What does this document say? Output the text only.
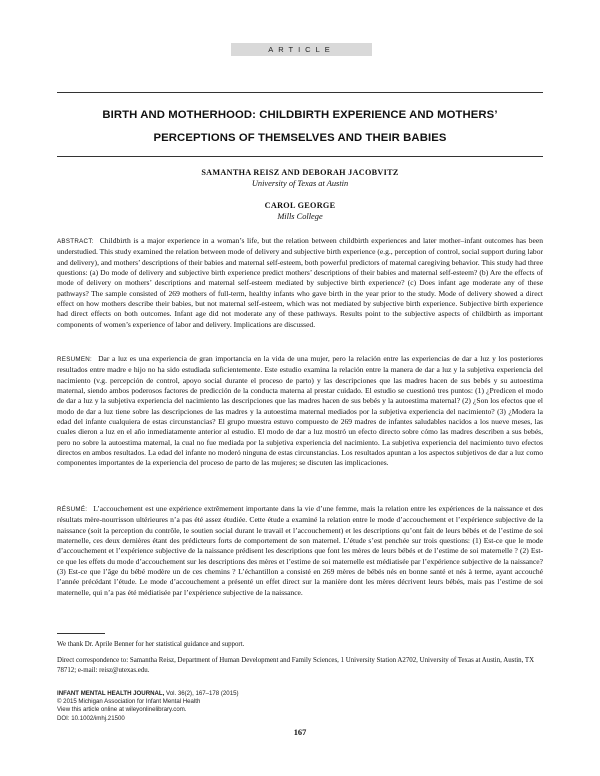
ARTICLE
BIRTH AND MOTHERHOOD: CHILDBIRTH EXPERIENCE AND MOTHERS’
PERCEPTIONS OF THEMSELVES AND THEIR BABIES
SAMANTHA REISZ AND DEBORAH JACOBVITZ
University of Texas at Austin
CAROL GEORGE
Mills College
ABSTRACT: Childbirth is a major experience in a woman’s life, but the relation between childbirth experiences and later mother–infant outcomes has been understudied. This study examined the relation between mode of delivery and subjective birth experience (e.g., perception of control, social support during labor and delivery), and mothers’ descriptions of their babies and maternal self-esteem, both powerful predictors of maternal caregiving behavior. This study had three questions: (a) Do mode of delivery and subjective birth experience predict mothers’ descriptions of their babies and maternal self-esteem? (b) Are the effects of mode of delivery on mothers’ descriptions and maternal self-esteem mediated by subjective birth experience? (c) Does infant age moderate any of these pathways? The sample consisted of 269 mothers of full-term, healthy infants who gave birth in the year prior to the study. Mode of delivery showed a direct effect on how mothers describe their babies, but not maternal self-esteem, which was not mediated by subjective birth experience. Subjective birth experience had direct effects on both outcomes. Infant age did not moderate any of these pathways. Results point to the subjective aspects of childbirth as important components of women’s experience of labor and delivery. Implications are discussed.
RESUMEN: Dar a luz es una experiencia de gran importancia en la vida de una mujer, pero la relación entre las experiencias de dar a luz y los posteriores resultados entre madre e hijo no ha sido estudiada suficientemente. Este estudio examina la relación entre la manera de dar a luz y la subjetiva experiencia del nacimiento (v.g. percepción de control, apoyo social durante el proceso de parto) y las descripciones que las madres hacen de sus bebés y su autoestima maternal, siendo ambos poderosos factores de predicción de la conducta materna al prestar cuidado. El estudio se cuestionó tres puntos: (1) ¿Predicen el modo de dar a luz y la subjetiva experiencia del nacimiento las descripciones que las madres hacen de sus bebés y la autoestima maternal? (2) ¿Son los efectos que el modo de dar a luz tiene sobre las descripciones de las madres y la autoestima maternal mediados por la subjetiva experiencia del nacimiento? (3) ¿Modera la edad del infante cualquiera de estas circunstancias? El grupo muestra estuvo compuesto de 269 madres de infantes saludables nacidos a los nueve meses, las cuales dieron a luz en el año inmediatamente anterior al estudio. El modo de dar a luz mostró un efecto directo sobre cómo las madres describen a sus bebés, pero no sobre la autoestima maternal, la cual no fue mediada por la subjetiva experiencia del nacimiento. La subjetiva experiencia del nacimiento tuvo efectos directos en ambos resultados. La edad del infante no moderó ninguna de estas circunstancias. Los resultados apuntan a los aspectos subjetivos de dar a luz como componentes importantes de la experiencia del proceso de parto de las mujeres; se discuten las implicaciones.
RÉSUMÉ: L’accouchement est une expérience extrêmement importante dans la vie d’une femme, mais la relation entre les expériences de la naissance et des résultats mère-nourrisson ultérieures n’a pas été assez étudiée. Cette étude a examiné la relation entre le mode d’accouchement et l’expérience subjective de la naissance (soit la perception du contrôle, le soutien social durant le travail et l’accouchement) et les descriptions qu’ont fait de leurs bébés et de l’estime de soi maternelle, ces deux dernières étant des prédicteurs forts de comportement de son maternel. L’étude s’est penchée sur trois questions: (1) Est-ce que le mode d’accouchement et l’expérience subjective de la naissance prédisent les descriptions que font les mères de leurs bébés et de l’estime de soi maternelle ? (2) Est-ce que les effets du mode d’accouchement sur les descriptions des mères et l’estime de soi maternelle est médiatisée par l’expérience subjective de la naissance? (3) Est-ce que l’âge du bébé modère un de ces chemins ? L’échantillon a consisté en 269 mères de bébés nés en bonne santé et nés à terme, ayant accouché l’année précédant l’étude. Le mode d’accouchement a présenté un effet direct sur la manière dont les mères décrivent leurs bébés, mais pas l’estime de soi maternelle, qui n’a pas été médiatisée par l’expérience subjective de la naissance.
We thank Dr. Aprile Benner for her statistical guidance and support.
Direct correspondence to: Samantha Reisz, Department of Human Development and Family Sciences, 1 University Station A2702, University of Texas at Austin, Austin, TX 78712; e-mail: reisz@utexas.edu.
INFANT MENTAL HEALTH JOURNAL, Vol. 36(2), 167–178 (2015)
© 2015 Michigan Association for Infant Mental Health
View this article online at wileyonlinelibrary.com.
DOI: 10.1002/imhj.21500
167
